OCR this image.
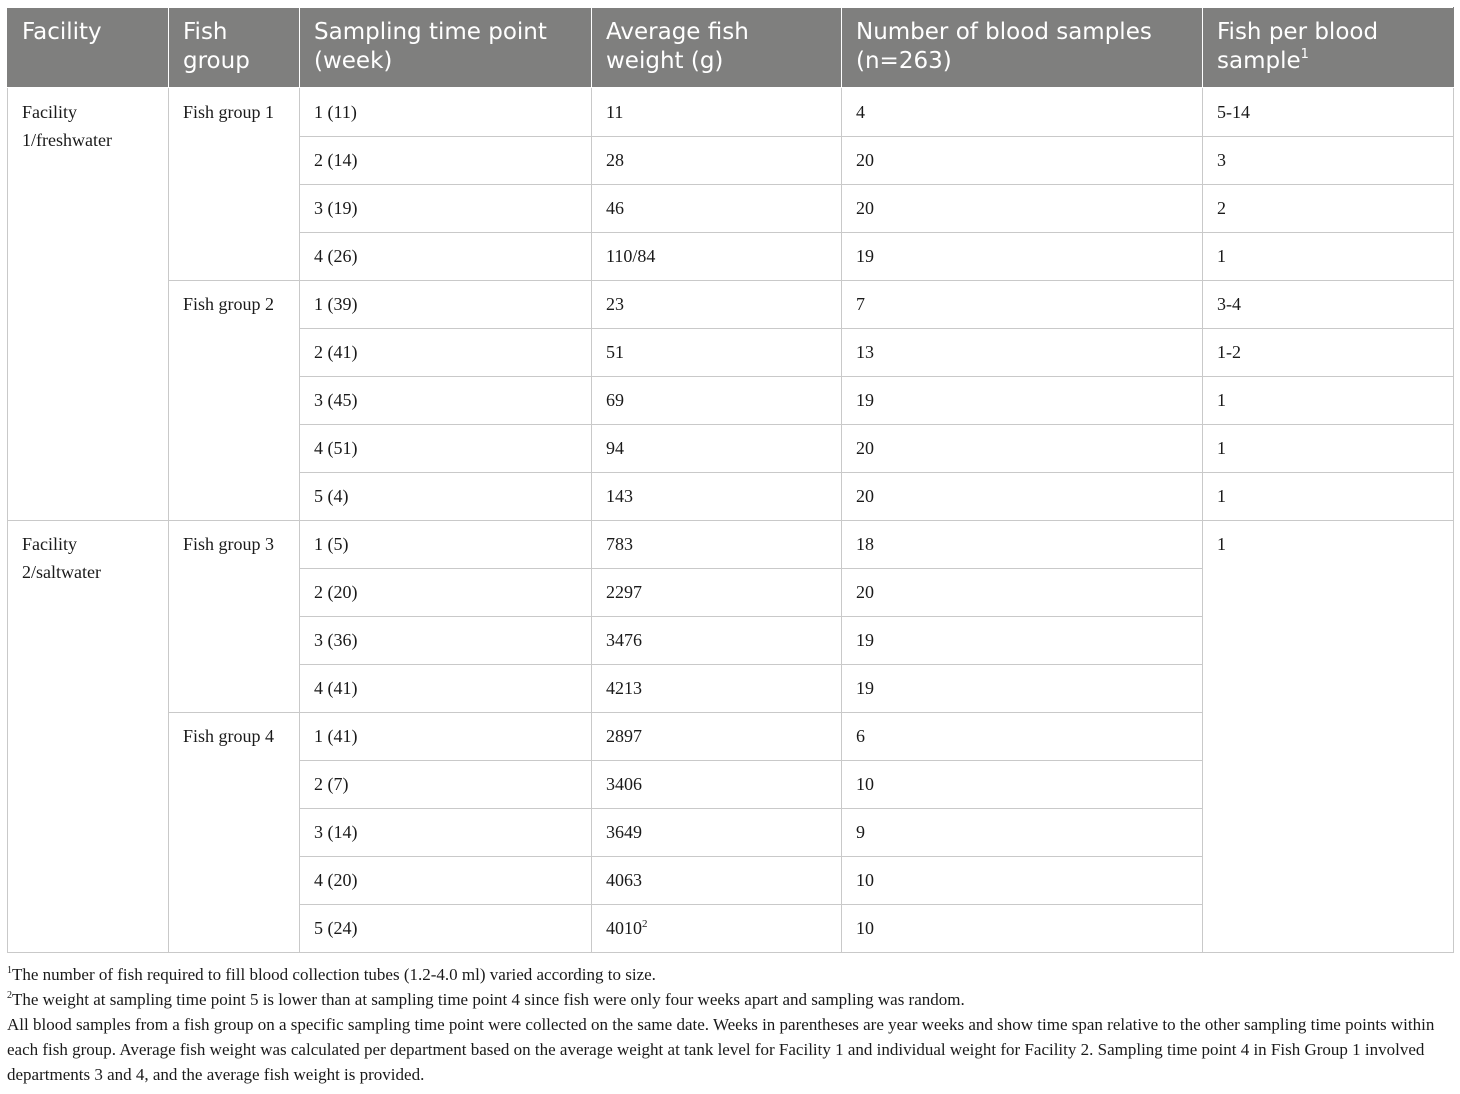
Facility	Fish group	Sampling time point (week)	Average fish weight (g)	Number of blood samples (n=263)	Fish per blood sample$^1$
Facility 1/freshwater	Fish group 1	1 (11)	11	4	5-14
		2 (14)	28	20	3
		3 (19)	46	20	2
		4 (26)	110/84	19	1
	Fish group 2	1 (39)	23	7	3-4
		2 (41)	51	13	1-2
		3 (45)	69	19	1
		4 (51)	94	20	1
		5 (4)	143	20	1
Facility 2/saltwater	Fish group 3	1 (5)	783	18	1
		2 (20)	2297	20	
		3 (36)	3476	19	
		4 (41)	4213	19	
	Fish group 4	1 (41)	2897	6	
		2 (7)	3406	10	
		3 (14)	3649	9	
		4 (20)	4063	10	
		5 (24)	4010$^2$	10	

$^1$The number of fish required to fill blood collection tubes (1.2-4.0 ml) varied according to size.

$^2$The weight at sampling time point 5 is lower than at sampling time point 4 since fish were only four weeks apart and sampling was random.

All blood samples from a fish group on a specific sampling time point were collected on the same date. Weeks in parentheses are year weeks and show time span relative to the other sampling time points within each fish group. Average fish weight was calculated per department based on the average weight at tank level for Facility 1 and individual weight for Facility 2. Sampling time point 4 in Fish Group 1 involved departments 3 and 4, and the average fish weight is provided.
